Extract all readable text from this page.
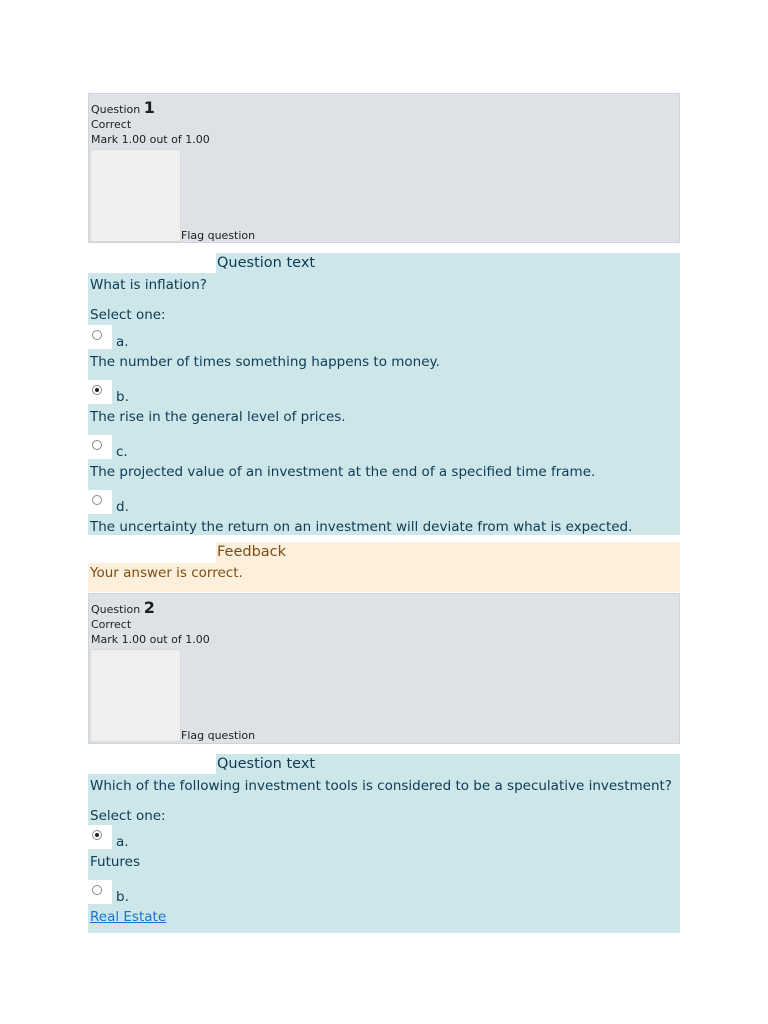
Question 1
Correct
Mark 1.00 out of 1.00
Flag question
Question text
What is inflation?
Select one:
a.
The number of times something happens to money.
b.
The rise in the general level of prices.
c.
The projected value of an investment at the end of a specified time frame.
d.
The uncertainty the return on an investment will deviate from what is expected.
Feedback
Your answer is correct.
Question 2
Correct
Mark 1.00 out of 1.00
Flag question
Question text
Which of the following investment tools is considered to be a speculative investment?
Select one:
a.
Futures
b.
Real Estate
